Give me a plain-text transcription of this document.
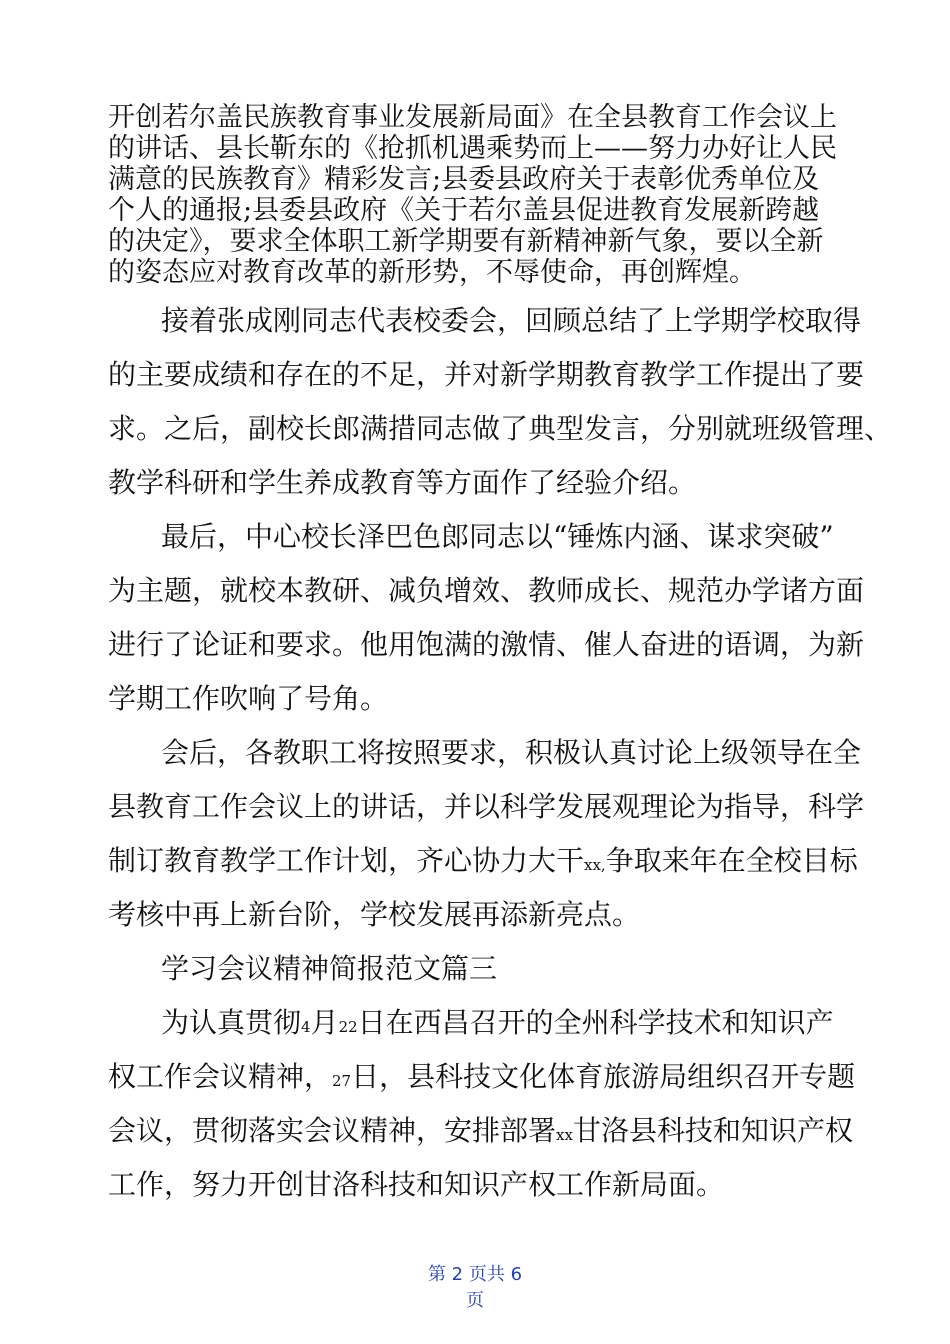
开创若尔盖民族教育事业发展新局面》在全县教育工作会议上
的讲话、县长靳东的《抢抓机遇乘势而上——努力办好让人民
满意的民族教育》精彩发言;县委县政府关于表彰优秀单位及
个人的通报;县委县政府《关于若尔盖县促进教育发展新跨越
的决定》，要求全体职工新学期要有新精神新气象，要以全新
的姿态应对教育改革的新形势，不辱使命，再创辉煌。
接着张成刚同志代表校委会，回顾总结了上学期学校取得
的主要成绩和存在的不足，并对新学期教育教学工作提出了要
求。之后，副校长郎满措同志做了典型发言，分别就班级管理、
教学科研和学生养成教育等方面作了经验介绍。
最后，中心校长泽巴色郎同志以“锤炼内涵、谋求突破”
为主题，就校本教研、减负增效、教师成长、规范办学诸方面
进行了论证和要求。他用饱满的激情、催人奋进的语调，为新
学期工作吹响了号角。
会后，各教职工将按照要求，积极认真讨论上级领导在全
县教育工作会议上的讲话，并以科学发展观理论为指导，科学
制订教育教学工作计划，齐心协力大干xx,争取来年在全校目标
考核中再上新台阶，学校发展再添新亮点。
学习会议精神简报范文篇三
为认真贯彻4月22日在西昌召开的全州科学技术和知识产
权工作会议精神，27日，县科技文化体育旅游局组织召开专题
会议，贯彻落实会议精神，安排部署xx甘洛县科技和知识产权
工作，努力开创甘洛科技和知识产权工作新局面。
第 2 页共 6
页
